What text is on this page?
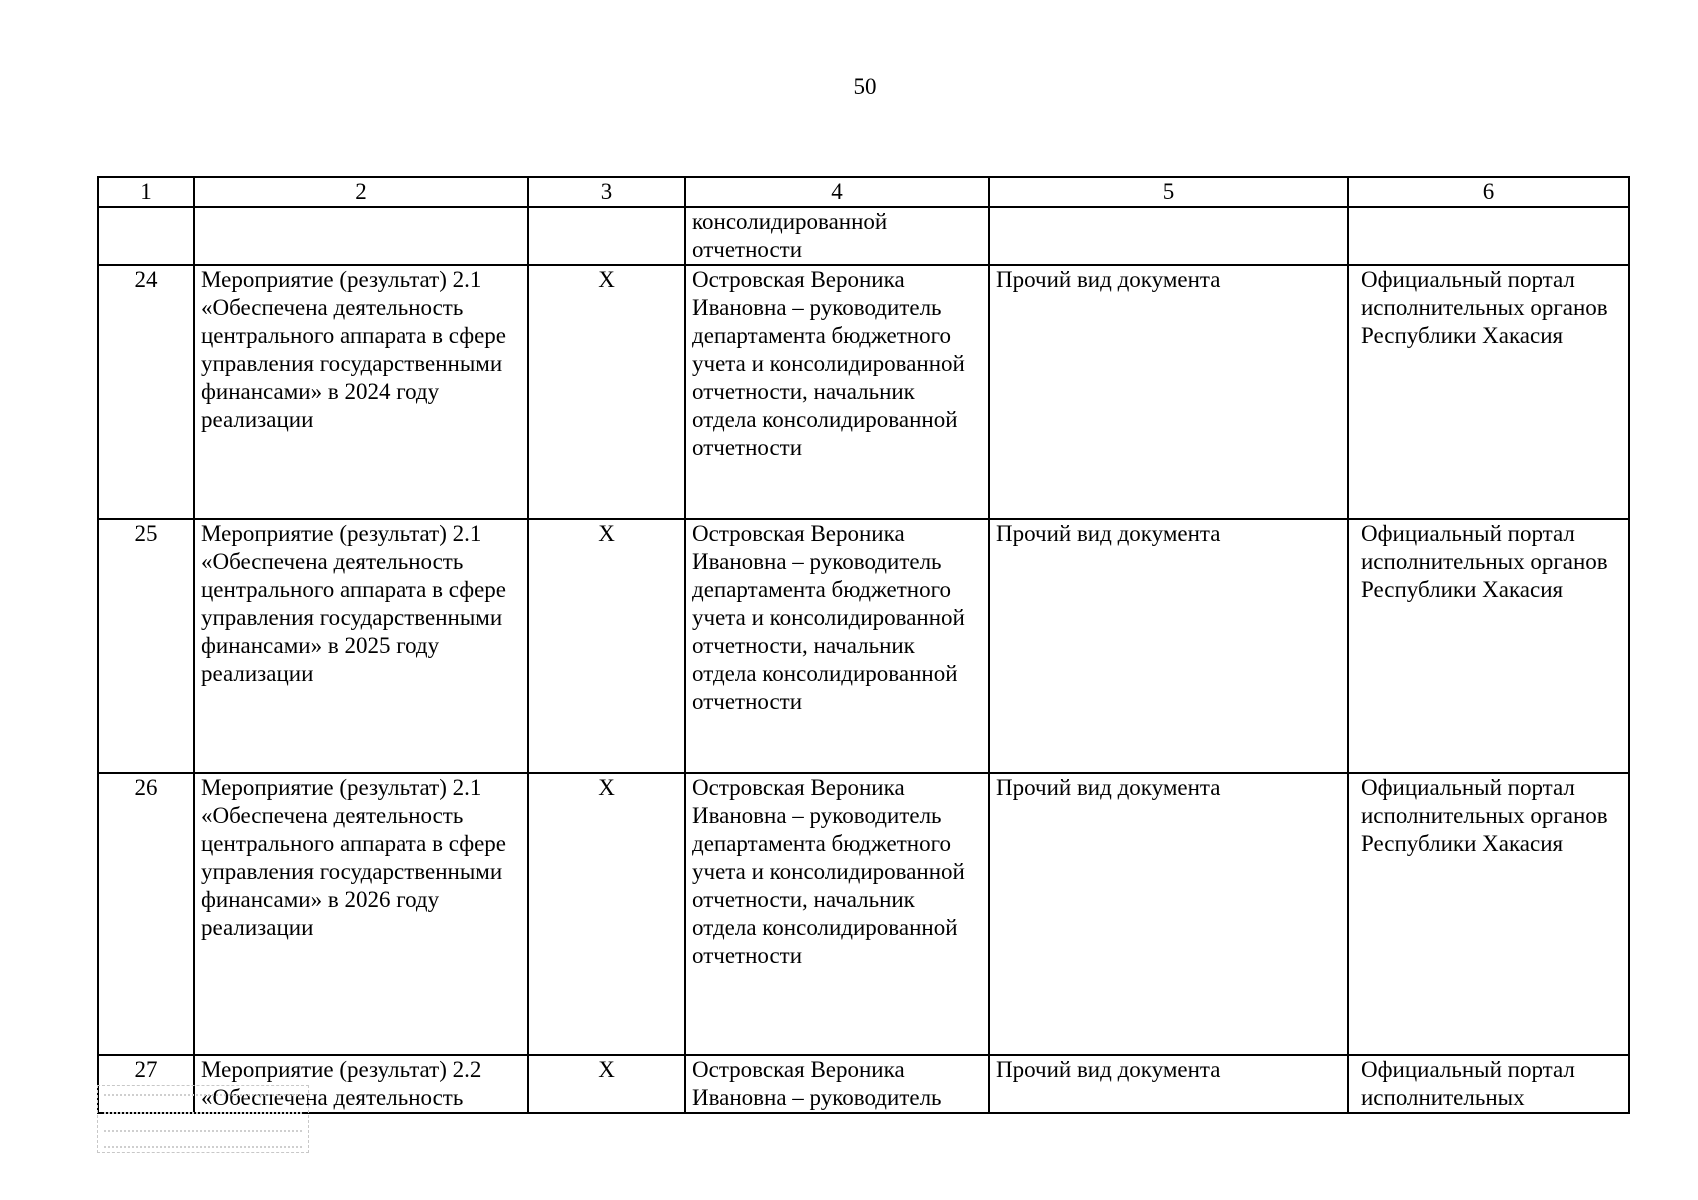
50
1	2	3	4	5	6
			консолидированной отчетности		
24	Мероприятие (результат) 2.1 «Обеспечена деятельность центрального аппарата в сфере управления государственными финансами» в 2024 году реализации	X	Островская Вероника Ивановна – руководитель департамента бюджетного учета и консолидированной отчетности, начальник отдела консолидированной отчетности	Прочий вид документа	Официальный портал исполнительных органов Республики Хакасия
25	Мероприятие (результат) 2.1 «Обеспечена деятельность центрального аппарата в сфере управления государственными финансами» в 2025 году реализации	X	Островская Вероника Ивановна – руководитель департамента бюджетного учета и консолидированной отчетности, начальник отдела консолидированной отчетности	Прочий вид документа	Официальный портал исполнительных органов Республики Хакасия
26	Мероприятие (результат) 2.1 «Обеспечена деятельность центрального аппарата в сфере управления государственными финансами» в 2026 году реализации	X	Островская Вероника Ивановна – руководитель департамента бюджетного учета и консолидированной отчетности, начальник отдела консолидированной отчетности	Прочий вид документа	Официальный портал исполнительных органов Республики Хакасия
27	Мероприятие (результат) 2.2 «Обеспечена деятельность	X	Островская Вероника Ивановна – руководитель	Прочий вид документа	Официальный портал исполнительных
